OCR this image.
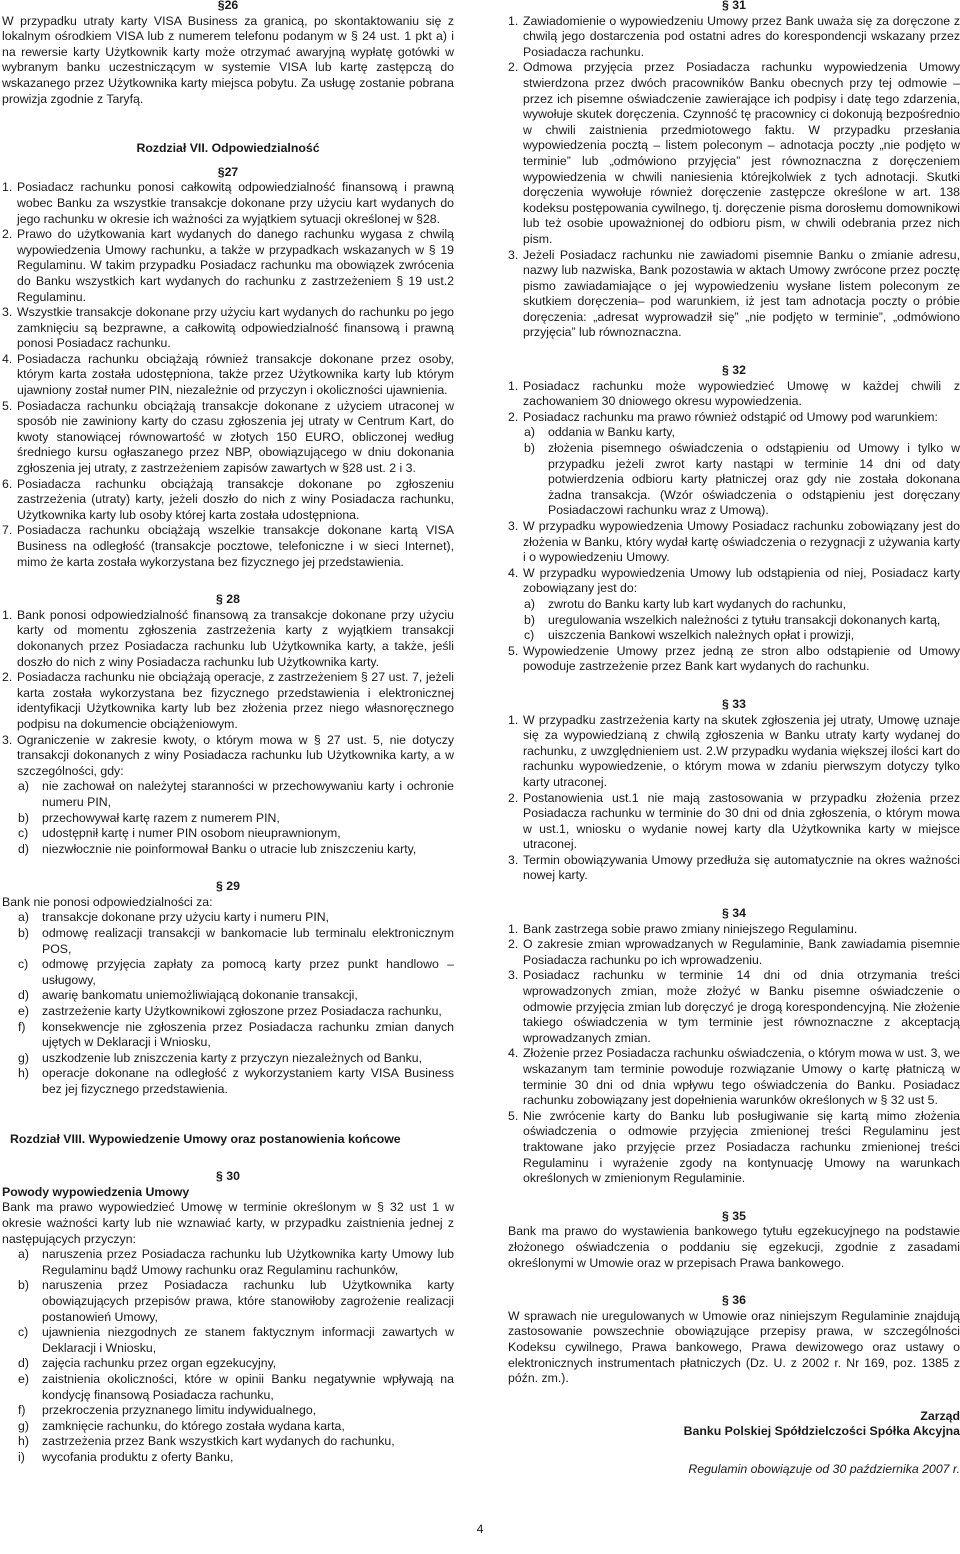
§26

W przypadku utraty karty VISA Business za granicą, po skontaktowaniu się z lokalnym ośrodkiem VISA lub z numerem telefonu podanym w § 24 ust. 1 pkt a) i na rewersie karty Użytkownik karty może otrzymać awaryjną wypłatę gotówki w wybranym banku uczestniczącym w systemie VISA lub kartę zastępczą do wskazanego przez Użytkownika karty miejsca pobytu. Za usługę zostanie pobrana prowizja zgodnie z Taryfą.

Rozdział VII. Odpowiedzialność

§27

1. Posiadacz rachunku ponosi całkowitą odpowiedzialność finansową i prawną wobec Banku za wszystkie transakcje dokonane przy użyciu kart wydanych do jego rachunku w okresie ich ważności za wyjątkiem sytuacji określonej w §28.
2. Prawo do użytkowania kart wydanych do danego rachunku wygasa z chwilą wypowiedzenia Umowy rachunku, a także w przypadkach wskazanych w § 19 Regulaminu. W takim przypadku Posiadacz rachunku ma obowiązek zwrócenia do Banku wszystkich kart wydanych do rachunku z zastrzeżeniem § 19 ust.2 Regulaminu.
3. Wszystkie transakcje dokonane przy użyciu kart wydanych do rachunku po jego zamknięciu są bezprawne, a całkowitą odpowiedzialność finansową i prawną ponosi Posiadacz rachunku.
4. Posiadacza rachunku obciążają również transakcje dokonane przez osoby, którym karta została udostępniona, także przez Użytkownika karty lub którym ujawniony został numer PIN, niezależnie od przyczyn i okoliczności ujawnienia.
5. Posiadacza rachunku obciążają transakcje dokonane z użyciem utraconej w sposób nie zawiniony karty do czasu zgłoszenia jej utraty w Centrum Kart, do kwoty stanowiącej równowartość w złotych 150 EURO, obliczonej według średniego kursu ogłaszanego przez NBP, obowiązującego w dniu dokonania zgłoszenia jej utraty, z zastrzeżeniem zapisów zawartych w §28 ust. 2 i 3.
6. Posiadacza rachunku obciążają transakcje dokonane po zgłoszeniu zastrzeżenia (utraty) karty, jeżeli doszło do nich z winy Posiadacza rachunku, Użytkownika karty lub osoby której karta została udostępniona.
7. Posiadacza rachunku obciążają wszelkie transakcje dokonane kartą VISA Business na odległość (transakcje pocztowe, telefoniczne i w sieci Internet), mimo że karta została wykorzystana bez fizycznego jej przedstawienia.

§ 28

1. Bank ponosi odpowiedzialność finansową za transakcje dokonane przy użyciu karty od momentu zgłoszenia zastrzeżenia karty z wyjątkiem transakcji dokonanych przez Posiadacza rachunku lub Użytkownika karty, a także, jeśli doszło do nich z winy Posiadacza rachunku lub Użytkownika karty.
2. Posiadacza rachunku nie obciążają operacje, z zastrzeżeniem § 27 ust. 7, jeżeli karta została wykorzystana bez fizycznego przedstawienia i elektronicznej identyfikacji Użytkownika karty lub bez złożenia przez niego własnoręcznego podpisu na dokumencie obciążeniowym.
3. Ograniczenie w zakresie kwoty, o którym mowa w § 27 ust. 5, nie dotyczy transakcji dokonanych z winy Posiadacza rachunku lub Użytkownika karty, a w szczególności, gdy:
a)	nie zachował on należytej staranności w przechowywaniu karty i ochronie numeru PIN,
b)	przechowywał kartę razem z numerem PIN,
c)	udostępnił kartę i numer PIN osobom nieuprawnionym,
d)	niezwłocznie nie poinformował Banku o utracie lub zniszczeniu karty,

§ 29

Bank nie ponosi odpowiedzialności za:

a)	transakcje dokonane przy użyciu karty i numeru PIN,
b)	odmowę realizacji transakcji w bankomacie lub terminalu elektronicznym POS,
c)	odmowę przyjęcia zapłaty za pomocą karty przez punkt handlowo – usługowy,
d)	awarię bankomatu uniemożliwiającą dokonanie transakcji,
e)	zastrzeżenie karty Użytkownikowi zgłoszone przez Posiadacza rachunku,
f)	konsekwencje nie zgłoszenia przez Posiadacza rachunku zmian danych ujętych w Deklaracji i Wniosku,
g)	uszkodzenie lub zniszczenia karty z przyczyn niezależnych od Banku,
h)	operacje dokonane na odległość z wykorzystaniem karty VISA Business bez jej fizycznego przedstawienia.

Rozdział VIII. Wypowiedzenie Umowy oraz postanowienia końcowe

§ 30

Powody wypowiedzenia Umowy

Bank ma prawo wypowiedzieć Umowę w terminie określonym w § 32 ust 1 w okresie ważności karty lub nie wznawiać karty, w przypadku zaistnienia jednej z następujących przyczyn:

a)	naruszenia przez Posiadacza rachunku lub Użytkownika karty Umowy lub Regulaminu bądź Umowy rachunku oraz Regulaminu rachunków,
b)	naruszenia przez Posiadacza rachunku lub Użytkownika karty obowiązujących przepisów prawa, które stanowiłoby zagrożenie realizacji postanowień Umowy,
c)	ujawnienia niezgodnych ze stanem faktycznym informacji zawartych w Deklaracji i Wniosku,
d)	zajęcia rachunku przez organ egzekucyjny,
e)	zaistnienia okoliczności, które w opinii Banku negatywnie wpływają na kondycję finansową Posiadacza rachunku,
f)	przekroczenia przyznanego limitu indywidualnego,
g)	zamknięcie rachunku, do którego została wydana karta,
h)	zastrzeżenia przez Bank wszystkich kart wydanych do rachunku,
i)	wycofania produktu z oferty Banku,

§ 31

1. Zawiadomienie o wypowiedzeniu Umowy przez Bank uważa się za doręczone z chwilą jego dostarczenia pod ostatni adres do korespondencji wskazany przez Posiadacza rachunku.
2. Odmowa przyjęcia przez Posiadacza rachunku wypowiedzenia Umowy stwierdzona przez dwóch pracowników Banku obecnych przy tej odmowie – przez ich pisemne oświadczenie zawierające ich podpisy i datę tego zdarzenia, wywołuje skutek doręczenia. Czynność tę pracownicy ci dokonują bezpośrednio w chwili zaistnienia przedmiotowego faktu. W przypadku przesłania wypowiedzenia pocztą – listem poleconym – adnotacja poczty „nie podjęto w terminie” lub „odmówiono przyjęcia” jest równoznaczna z doręczeniem wypowiedzenia w chwili naniesienia którejkolwiek z tych adnotacji. Skutki doręczenia wywołuje również doręczenie zastępcze określone w art. 138 kodeksu postępowania cywilnego, tj. doręczenie pisma dorosłemu domownikowi lub też osobie upoważnionej do odbioru pism, w chwili odebrania przez nich pism.
3. Jeżeli Posiadacz rachunku nie zawiadomi pisemnie Banku o zmianie adresu, nazwy lub nazwiska, Bank pozostawia w aktach Umowy zwrócone przez pocztę pismo zawiadamiające o jej wypowiedzeniu wysłane listem poleconym ze skutkiem doręczenia– pod warunkiem, iż jest tam adnotacja poczty o próbie doręczenia: „adresat wyprowadził się” „nie podjęto w terminie”, „odmówiono przyjęcia” lub równoznaczna.

§ 32

1. Posiadacz rachunku może wypowiedzieć Umowę w każdej chwili z zachowaniem 30 dniowego okresu wypowiedzenia.
2. Posiadacz rachunku ma prawo również odstąpić od Umowy pod warunkiem:
a)	oddania w Banku karty,
b)	złożenia pisemnego oświadczenia o odstąpieniu od Umowy i tylko w przypadku jeżeli zwrot karty nastąpi w terminie 14 dni od daty potwierdzenia odbioru karty płatniczej oraz gdy nie została dokonana żadna transakcja. (Wzór oświadczenia o odstąpieniu jest doręczany Posiadaczowi rachunku wraz z Umową).
3. W przypadku wypowiedzenia Umowy Posiadacz rachunku zobowiązany jest do złożenia w Banku, który wydał kartę oświadczenia o rezygnacji z używania karty i o wypowiedzeniu Umowy.
4. W przypadku wypowiedzenia Umowy lub odstąpienia od niej, Posiadacz karty zobowiązany jest do:
a)	zwrotu do Banku karty lub kart wydanych do rachunku,
b)	uregulowania wszelkich należności z tytułu transakcji dokonanych kartą,
c)	uiszczenia Bankowi wszelkich należnych opłat i prowizji,
5. Wypowiedzenie Umowy przez jedną ze stron albo odstąpienie od Umowy powoduje zastrzeżenie przez Bank kart wydanych do rachunku.

§ 33

1. W przypadku zastrzeżenia karty na skutek zgłoszenia jej utraty, Umowę uznaje się za wypowiedzianą z chwilą zgłoszenia w Banku utraty karty wydanej do rachunku, z uwzględnieniem ust. 2.W przypadku wydania większej ilości kart do rachunku wypowiedzenie, o którym mowa w zdaniu pierwszym dotyczy tylko karty utraconej.
2. Postanowienia ust.1 nie mają zastosowania w przypadku złożenia przez Posiadacza rachunku w terminie do 30 dni od dnia zgłoszenia, o którym mowa w ust.1, wniosku o wydanie nowej karty dla Użytkownika karty w miejsce utraconej.
3. Termin obowiązywania Umowy przedłuża się automatycznie na okres ważności nowej karty.

§ 34

1. Bank zastrzega sobie prawo zmiany niniejszego Regulaminu.
2. O zakresie zmian wprowadzanych w Regulaminie, Bank zawiadamia pisemnie Posiadacza rachunku po ich wprowadzeniu.
3. Posiadacz rachunku w terminie 14 dni od dnia otrzymania treści wprowadzonych zmian, może złożyć w Banku pisemne oświadczenie o odmowie przyjęcia zmian lub doręczyć je drogą korespondencyjną. Nie złożenie takiego oświadczenia w tym terminie jest równoznaczne z akceptacją wprowadzanych zmian.
4. Złożenie przez Posiadacza rachunku oświadczenia, o którym mowa w ust. 3, we wskazanym tam terminie powoduje rozwiązanie Umowy o kartę płatniczą w terminie 30 dni od dnia wpływu tego oświadczenia do Banku. Posiadacz rachunku zobowiązany jest dopełnienia warunków określonych w § 32 ust 5.
5. Nie zwrócenie karty do Banku lub posługiwanie się kartą mimo złożenia oświadczenia o odmowie przyjęcia zmienionej treści Regulaminu jest traktowane jako przyjęcie przez Posiadacza rachunku zmienionej treści Regulaminu i wyrażenie zgody na kontynuację Umowy na warunkach określonych w zmienionym Regulaminie.

§ 35

Bank ma prawo do wystawienia bankowego tytułu egzekucyjnego na podstawie złożonego oświadczenia o poddaniu się egzekucji, zgodnie z zasadami określonymi w Umowie oraz w przepisach Prawa bankowego.

§ 36

W sprawach nie uregulowanych w Umowie oraz niniejszym Regulaminie znajdują zastosowanie powszechnie obowiązujące przepisy prawa, w szczególności Kodeksu cywilnego, Prawa bankowego, Prawa dewizowego oraz ustawy o elektronicznych instrumentach płatniczych (Dz. U. z 2002 r. Nr 169, poz. 1385 z późn. zm.).

Zarząd

Banku Polskiej Spółdzielczości Spółka Akcyjna

Regulamin obowiązuje od 30 października 2007 r.

4
